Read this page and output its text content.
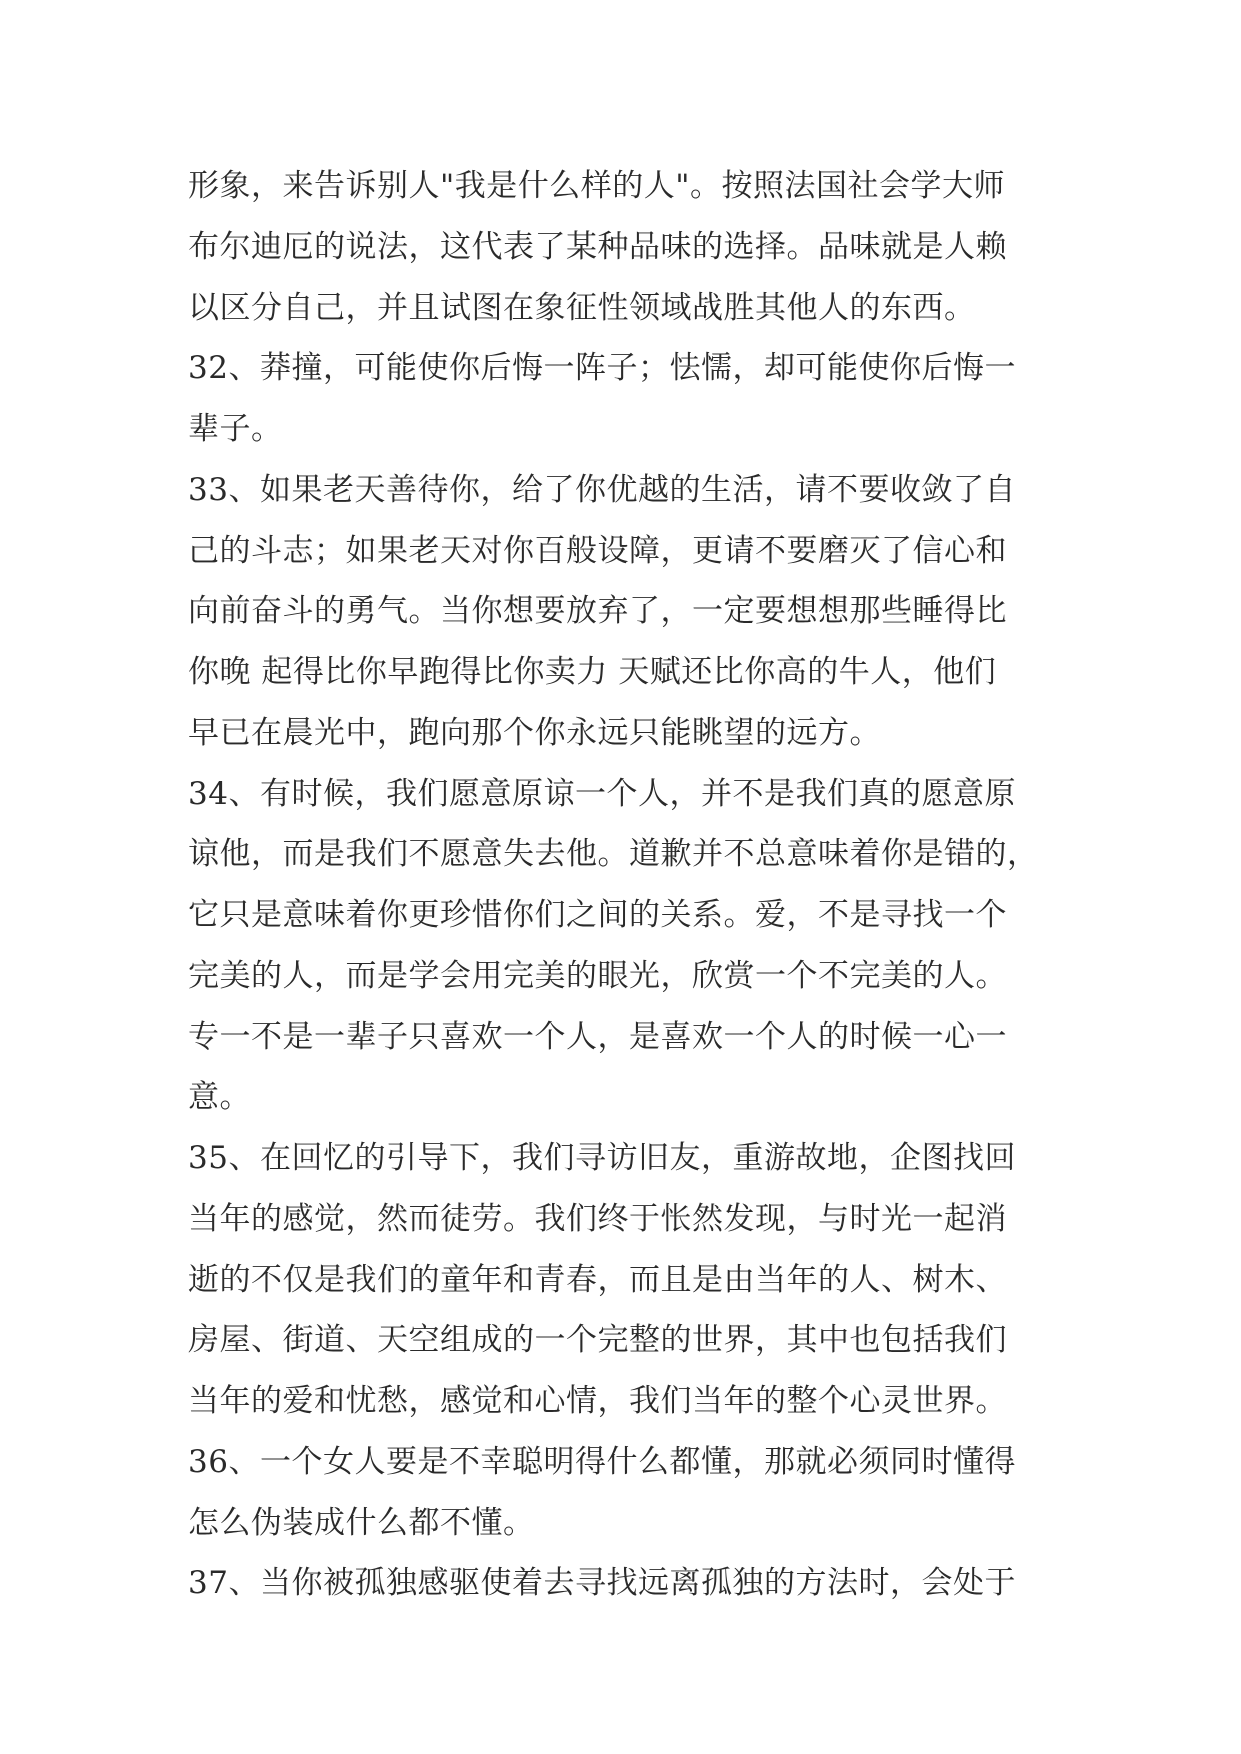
形象，来告诉别人"我是什么样的人"。按照法国社会学大师
布尔迪厄的说法，这代表了某种品味的选择。品味就是人赖
以区分自己，并且试图在象征性领域战胜其他人的东西。
32、莽撞，可能使你后悔一阵子；怯懦，却可能使你后悔一
辈子。
33、如果老天善待你，给了你优越的生活，请不要收敛了自
己的斗志；如果老天对你百般设障，更请不要磨灭了信心和
向前奋斗的勇气。当你想要放弃了，一定要想想那些睡得比
你晚 起得比你早跑得比你卖力 天赋还比你高的牛人，他们
早已在晨光中，跑向那个你永远只能眺望的远方。
34、有时候，我们愿意原谅一个人，并不是我们真的愿意原
谅他，而是我们不愿意失去他。道歉并不总意味着你是错的，
它只是意味着你更珍惜你们之间的关系。爱，不是寻找一个
完美的人，而是学会用完美的眼光，欣赏一个不完美的人。
专一不是一辈子只喜欢一个人，是喜欢一个人的时候一心一
意。
35、在回忆的引导下，我们寻访旧友，重游故地，企图找回
当年的感觉，然而徒劳。我们终于怅然发现，与时光一起消
逝的不仅是我们的童年和青春，而且是由当年的人、树木、
房屋、街道、天空组成的一个完整的世界，其中也包括我们
当年的爱和忧愁，感觉和心情，我们当年的整个心灵世界。
36、一个女人要是不幸聪明得什么都懂，那就必须同时懂得
怎么伪装成什么都不懂。
37、当你被孤独感驱使着去寻找远离孤独的方法时，会处于
